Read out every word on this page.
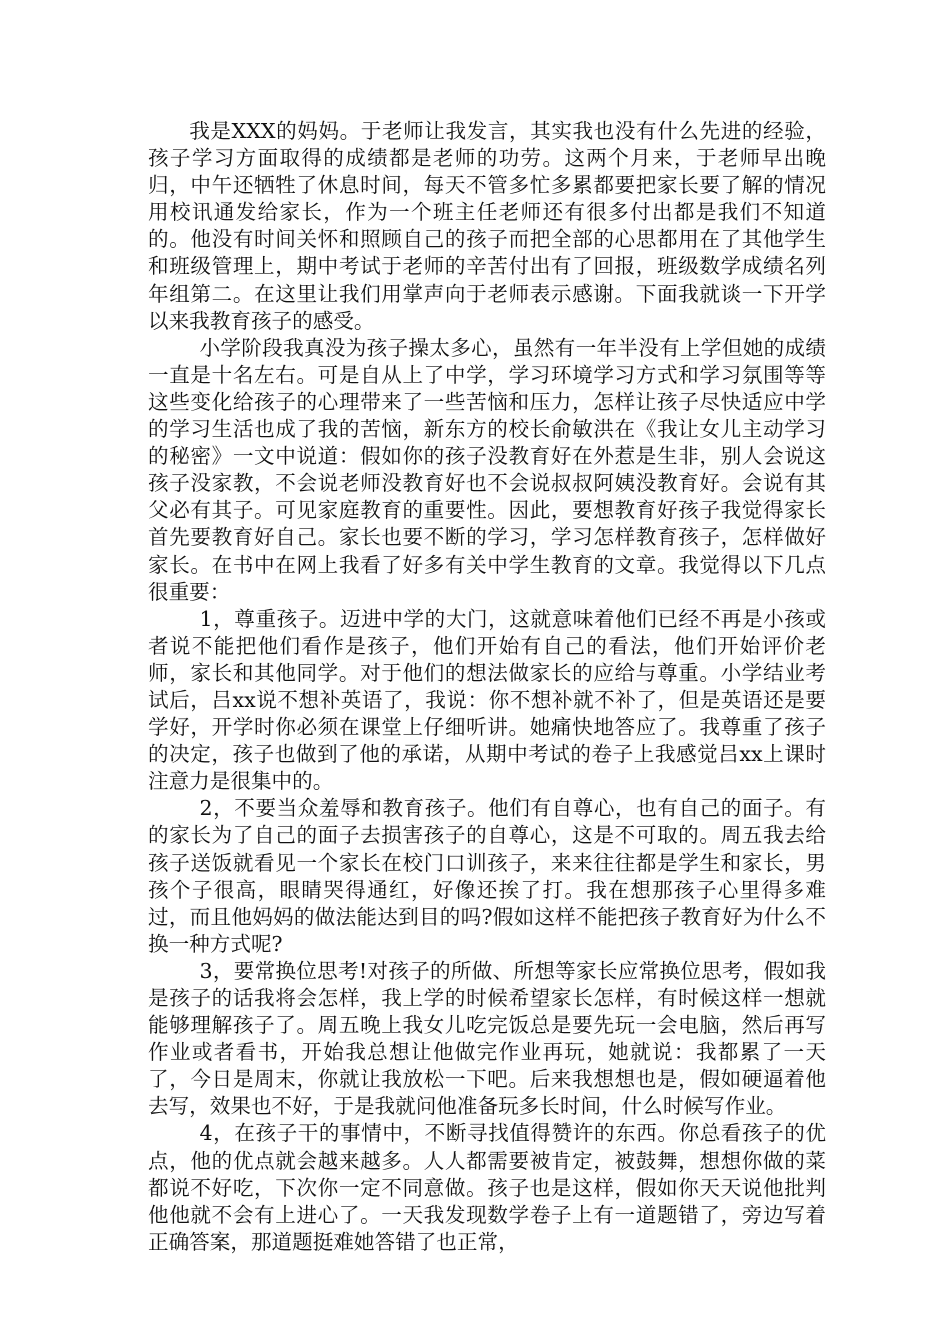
我是XXX的妈妈。于老师让我发言，其实我也没有什么先进的经验，孩子学习方面取得的成绩都是老师的功劳。这两个月来，于老师早出晚归，中午还牺牲了休息时间，每天不管多忙多累都要把家长要了解的情况用校讯通发给家长，作为一个班主任老师还有很多付出都是我们不知道的。他没有时间关怀和照顾自己的孩子而把全部的心思都用在了其他学生和班级管理上，期中考试于老师的辛苦付出有了回报，班级数学成绩名列年组第二。在这里让我们用掌声向于老师表示感谢。下面我就谈一下开学以来我教育孩子的感受。

小学阶段我真没为孩子操太多心，虽然有一年半没有上学但她的成绩一直是十名左右。可是自从上了中学，学习环境学习方式和学习氛围等等这些变化给孩子的心理带来了一些苦恼和压力，怎样让孩子尽快适应中学的学习生活也成了我的苦恼，新东方的校长俞敏洪在《我让女儿主动学习的秘密》一文中说道：假如你的孩子没教育好在外惹是生非，别人会说这孩子没家教，不会说老师没教育好也不会说叔叔阿姨没教育好。会说有其父必有其子。可见家庭教育的重要性。因此，要想教育好孩子我觉得家长首先要教育好自己。家长也要不断的学习，学习怎样教育孩子，怎样做好家长。在书中在网上我看了好多有关中学生教育的文章。我觉得以下几点很重要：

1，尊重孩子。迈进中学的大门，这就意味着他们已经不再是小孩或者说不能把他们看作是孩子，他们开始有自己的看法，他们开始评价老师，家长和其他同学。对于他们的想法做家长的应给与尊重。小学结业考试后，吕xx说不想补英语了，我说：你不想补就不补了，但是英语还是要学好，开学时你必须在课堂上仔细听讲。她痛快地答应了。我尊重了孩子的决定，孩子也做到了他的承诺，从期中考试的卷子上我感觉吕xx上课时注意力是很集中的。

2，不要当众羞辱和教育孩子。他们有自尊心，也有自己的面子。有的家长为了自己的面子去损害孩子的自尊心，这是不可取的。周五我去给孩子送饭就看见一个家长在校门口训孩子，来来往往都是学生和家长，男孩个子很高，眼睛哭得通红，好像还挨了打。我在想那孩子心里得多难过，而且他妈妈的做法能达到目的吗?假如这样不能把孩子教育好为什么不换一种方式呢?

3，要常换位思考!对孩子的所做、所想等家长应常换位思考，假如我是孩子的话我将会怎样，我上学的时候希望家长怎样，有时候这样一想就能够理解孩子了。周五晚上我女儿吃完饭总是要先玩一会电脑，然后再写作业或者看书，开始我总想让他做完作业再玩，她就说：我都累了一天了，今日是周末，你就让我放松一下吧。后来我想想也是，假如硬逼着他去写，效果也不好，于是我就问他准备玩多长时间，什么时候写作业。

4，在孩子干的事情中，不断寻找值得赞许的东西。你总看孩子的优点，他的优点就会越来越多。人人都需要被肯定，被鼓舞，想想你做的菜都说不好吃，下次你一定不同意做。孩子也是这样，假如你天天说他批判他他就不会有上进心了。一天我发现数学卷子上有一道题错了，旁边写着正确答案，那道题挺难她答错了也正常，
